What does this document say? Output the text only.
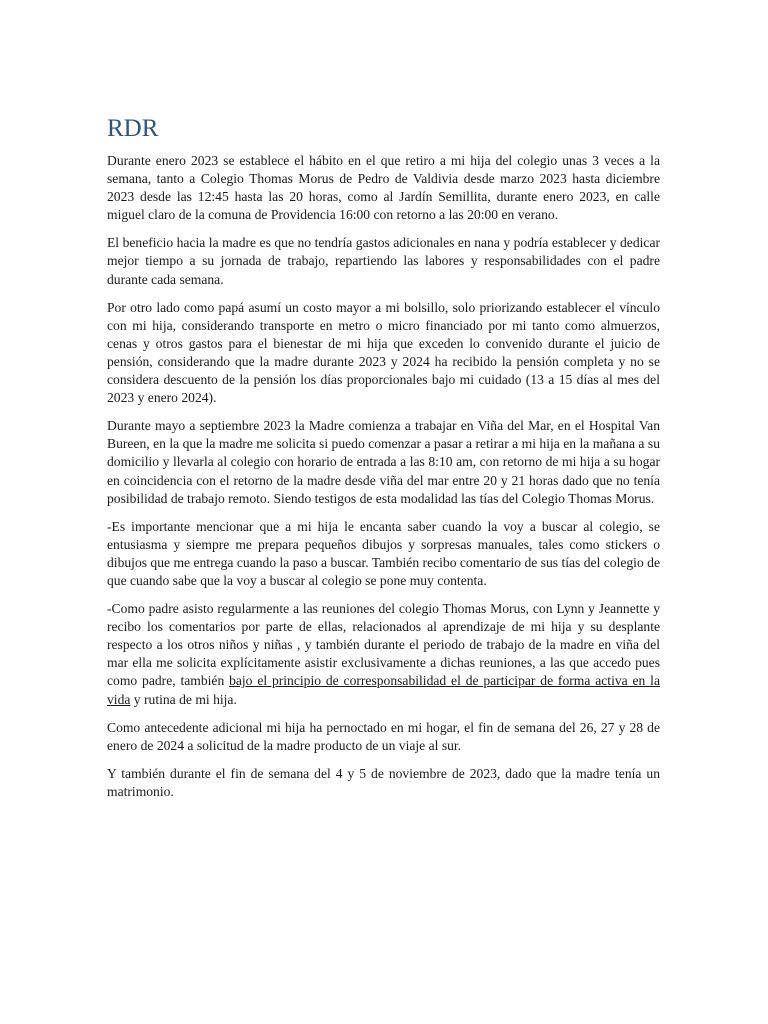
RDR

Durante enero 2023 se establece el hábito en el que retiro a mi hija del colegio unas 3 veces a la semana, tanto a Colegio Thomas Morus de Pedro de Valdivia desde marzo 2023 hasta diciembre 2023 desde las 12:45 hasta las 20 horas, como al Jardín Semillita, durante enero 2023, en calle miguel claro de la comuna de Providencia 16:00 con retorno a las 20:00 en verano.

El beneficio hacia la madre es que no tendría gastos adicionales en nana y podría establecer y dedicar mejor tiempo a su jornada de trabajo, repartiendo las labores y responsabilidades con el padre durante cada semana.

Por otro lado como papá asumí un costo mayor a mi bolsillo, solo priorizando establecer el vínculo con mi hija, considerando transporte en metro o micro financiado por mi tanto como almuerzos, cenas y otros gastos para el bienestar de mi hija que exceden lo convenido durante el juicio de pensión, considerando que la madre durante 2023 y 2024 ha recibido la pensión completa y no se considera descuento de la pensión los días proporcionales bajo mi cuidado (13 a 15 días al mes del 2023 y enero 2024).

Durante mayo a septiembre 2023 la Madre comienza a trabajar en Viña del Mar, en el Hospital Van Bureen, en la que la madre me solicita si puedo comenzar a pasar a retirar a mi hija en la mañana a su domicilio y llevarla al colegio con horario de entrada a las 8:10 am, con retorno de mi hija a su hogar en coincidencia con el retorno de la madre desde viña del mar entre 20 y 21 horas dado que no tenía posibilidad de trabajo remoto. Siendo testigos de esta modalidad las tías del Colegio Thomas Morus.

-Es importante mencionar que a mi hija le encanta saber cuando la voy a buscar al colegio, se entusiasma y siempre me prepara pequeños dibujos y sorpresas manuales, tales como stickers o dibujos que me entrega cuando la paso a buscar. También recibo comentario de sus tías del colegio de que cuando sabe que la voy a buscar al colegio se pone muy contenta.

-Como padre asisto regularmente a las reuniones del colegio Thomas Morus, con Lynn y Jeannette y recibo los comentarios por parte de ellas, relacionados al aprendizaje de mi hija y su desplante respecto a los otros niños y niñas , y también durante el periodo de trabajo de la madre en viña del mar ella me solicita explícitamente asistir exclusivamente a dichas reuniones, a las que accedo pues como padre, también bajo el principio de corresponsabilidad el de participar de forma activa en la vida y rutina de mi hija.

Como antecedente adicional mi hija ha pernoctado en mi hogar, el fin de semana del 26, 27 y 28 de enero de 2024 a solicitud de la madre producto de un viaje al sur.

Y también durante el fin de semana del 4 y 5 de noviembre de 2023, dado que la madre tenía un matrimonio.
